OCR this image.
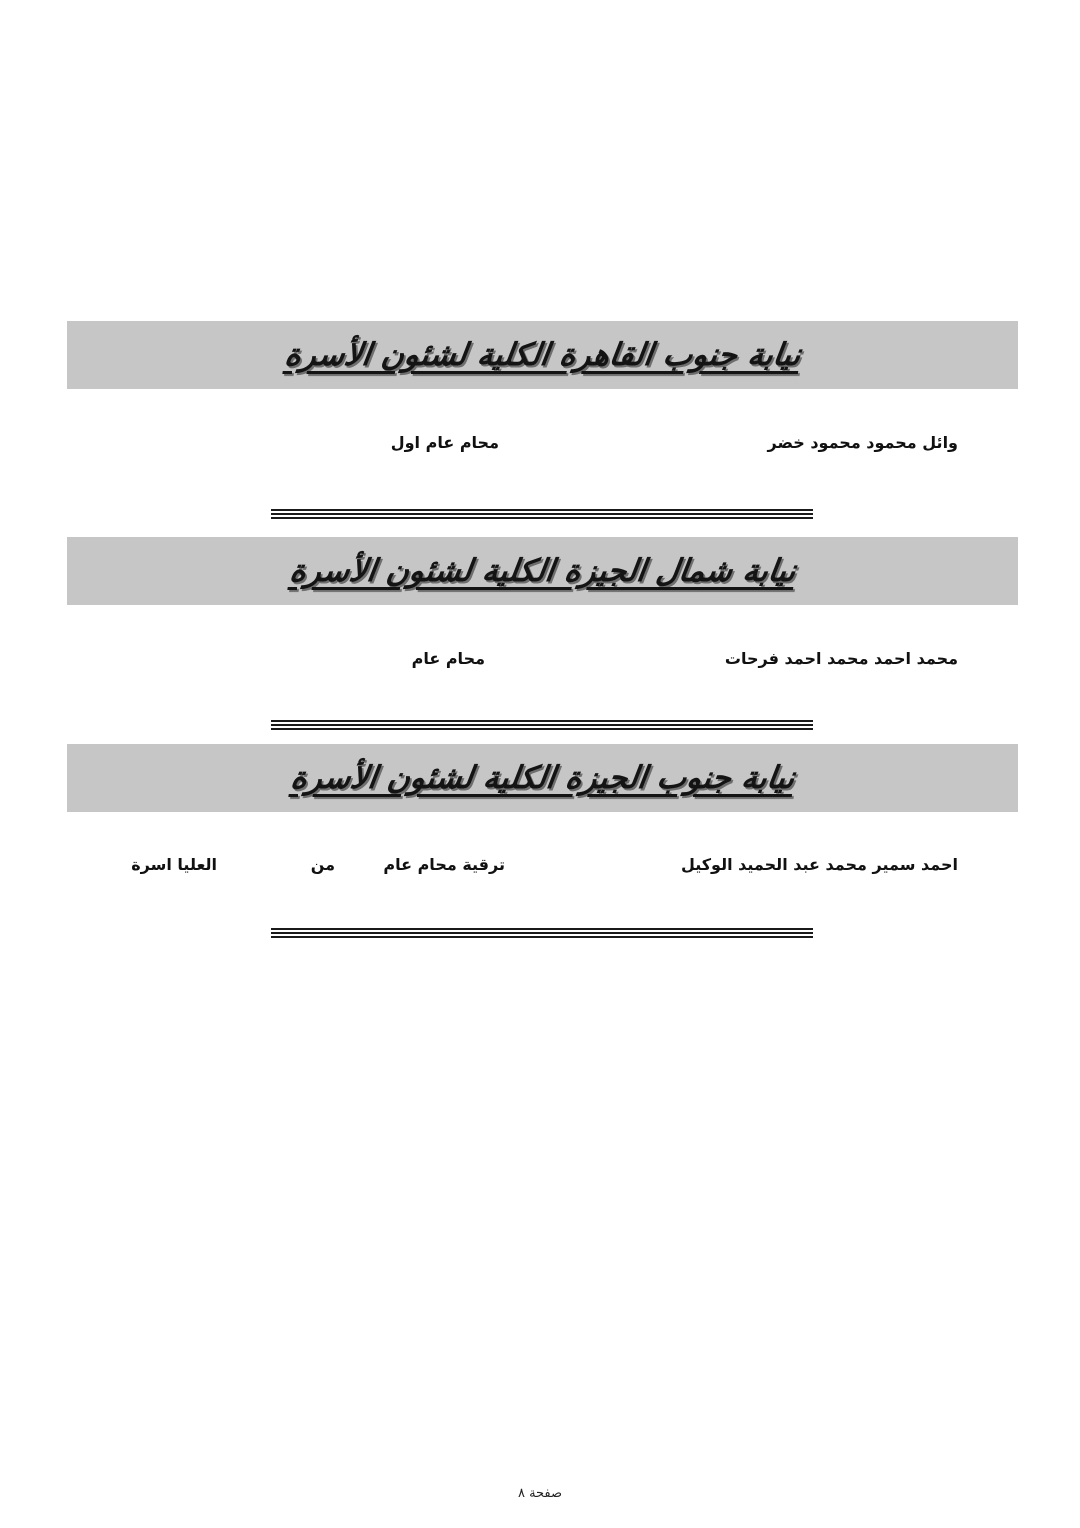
نيابة جنوب القاهرة الكلية لشئون الأسرة
وائل محمود محمود خضر
محام عام اول
نيابة شمال الجيزة الكلية لشئون الأسرة
محمد احمد محمد احمد فرحات
محام عام
نيابة جنوب الجيزة الكلية لشئون الأسرة
احمد سمير محمد عبد الحميد الوكيل
ترقية محام عام
من
العليا اسرة
صفحة ٨
